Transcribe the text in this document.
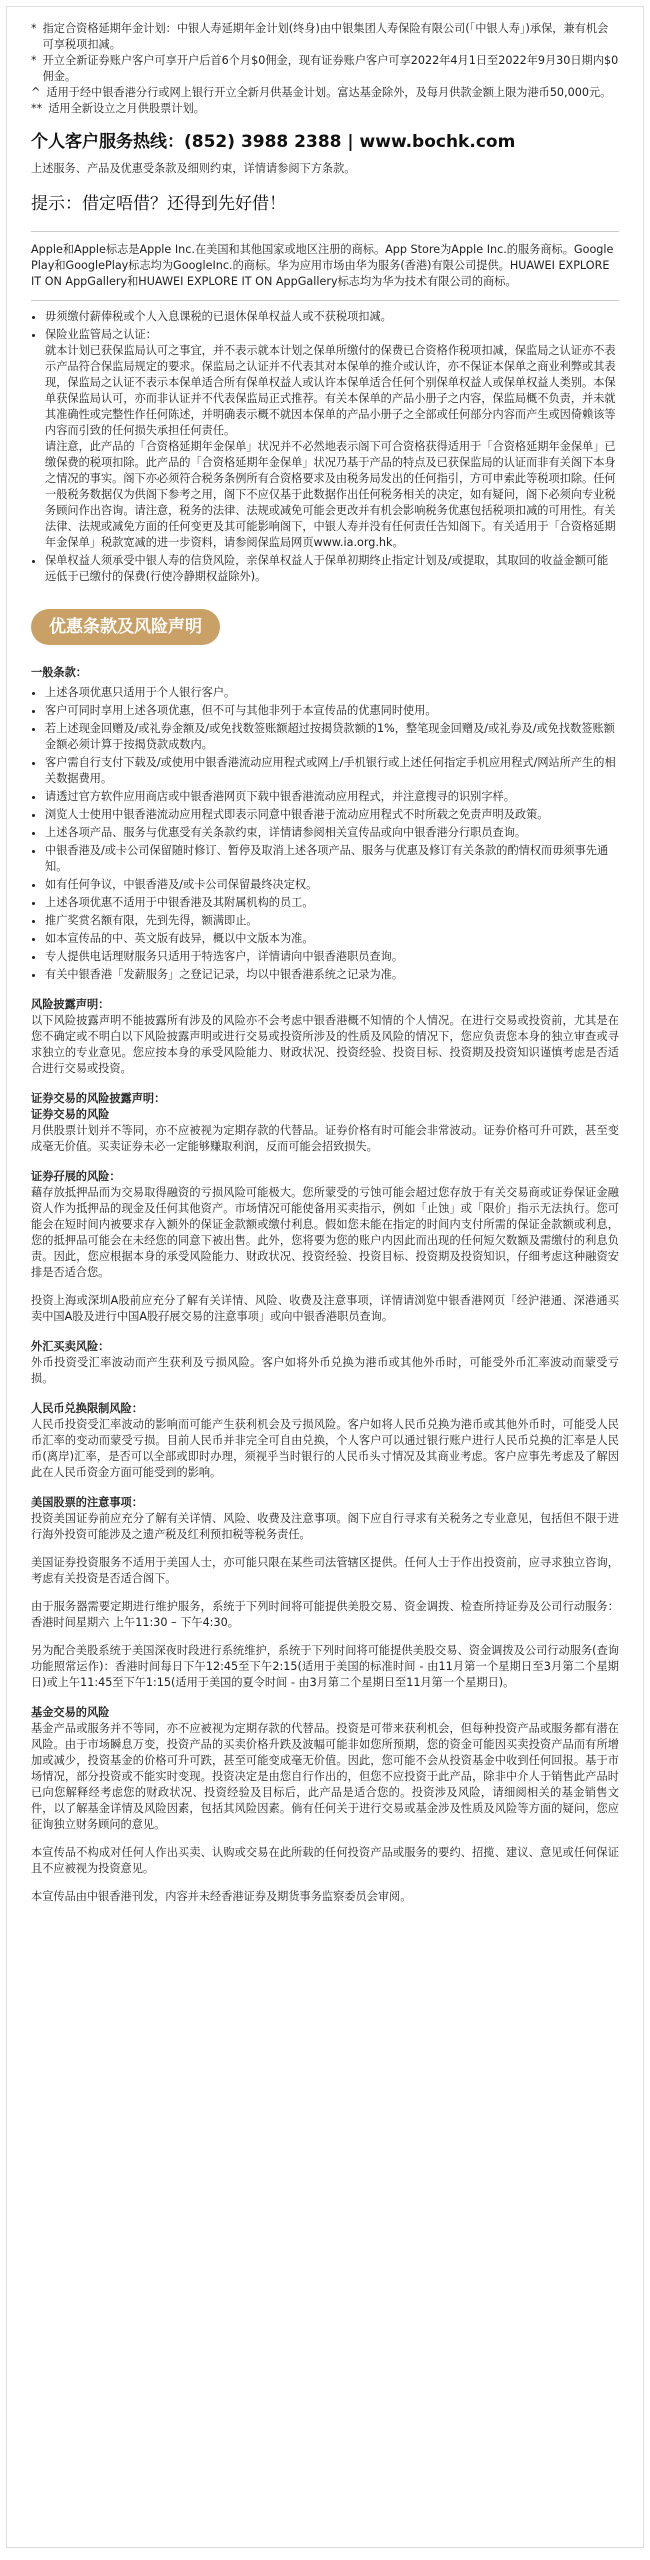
* 指定合资格延期年金计划：中银人寿延期年金计划(终身)由中银集团人寿保险有限公司(「中银人寿」)承保，兼有机会可享税项扣减。
* 开立全新证券账户客户可享开户后首6个月$0佣金，现有证券账户客户可享2022年4月1日至2022年9月30日期内$0佣金。
^ 适用于经中银香港分行或网上银行开立全新月供基金计划。富达基金除外，及每月供款金额上限为港币50,000元。
** 适用全新设立之月供股票计划。
个人客户服务热线：(852) 3988 2388 | www.bochk.com
上述服务、产品及优惠受条款及细则约束，详情请参阅下方条款。
提示：借定唔借？还得到先好借！
Apple和Apple标志是Apple Inc.在美国和其他国家或地区注册的商标。App Store为Apple Inc.的服务商标。Google Play和GooglePlay标志均为GoogleInc.的商标。华为应用市场由华为服务(香港)有限公司提供。HUAWEI EXPLORE IT ON AppGallery和HUAWEI EXPLORE IT ON AppGallery标志均为华为技术有限公司的商标。
• 毋须缴付薪俸税或个人入息课税的已退休保单权益人或不获税项扣减。
• 保险业监管局之认证：
就本计划已获保监局认可之事宜，并不表示就本计划之保单所缴付的保费已合资格作税项扣减，保监局之认证亦不表示产品符合保监局规定的要求。保监局之认证并不代表其对本保单的推介或认许，亦不保证本保单之商业利弊或其表现，保监局之认证不表示本保单适合所有保单权益人或认许本保单适合任何个别保单权益人或保单权益人类别。本保单获保监局认可，亦而非认证并不代表保监局正式推荐。有关本保单的产品小册子之内容，保监局概不负责，并未就其准确性或完整性作任何陈述，并明确表示概不就因本保单的产品小册子之全部或任何部分内容而产生或因倚赖该等内容而引致的任何损失承担任何责任。
请注意，此产品的「合资格延期年金保单」状况并不必然地表示阁下可合资格获得适用于「合资格延期年金保单」已缴保费的税项扣除。此产品的「合资格延期年金保单」状况乃基于产品的特点及已获保监局的认证而非有关阁下本身之情况的事实。阁下亦必须符合税务条例所有合资格要求及由税务局发出的任何指引，方可申索此等税项扣除。任何一般税务数据仅为供阁下参考之用，阁下不应仅基于此数据作出任何税务相关的决定，如有疑问，阁下必须向专业税务顾问作出咨询。请注意，税务的法律、法规或减免可能会更改并有机会影响税务优惠包括税项扣减的可用性。有关法律、法规或减免方面的任何变更及其可能影响阁下，中银人寿并没有任何责任告知阁下。有关适用于「合资格延期年金保单」税款宽减的进一步资料，请参阅保监局网页www.ia.org.hk。
• 保单权益人须承受中银人寿的信贷风险，亲保单权益人于保单初期终止指定计划及/或提取，其取回的收益金额可能远低于已缴付的保费(行使冷静期权益除外)。
优惠条款及风险声明
一般条款：
• 上述各项优惠只适用于个人银行客户。
• 客户可同时享用上述各项优惠，但不可与其他非列于本宣传品的优惠同时使用。
• 若上述现金回赠及/或礼券金额及/或免找数签账额超过按揭贷款额的1%，整笔现金回赠及/或礼券及/或免找数签账额金额必须计算于按揭贷款成数内。
• 客户需自行支付下载及/或使用中银香港流动应用程式或网上/手机银行或上述任何指定手机应用程式/网站所产生的相关数据费用。
• 请透过官方软件应用商店或中银香港网页下载中银香港流动应用程式，并注意搜寻的识别字样。
• 浏览人士使用中银香港流动应用程式即表示同意中银香港于流动应用程式不时所载之免责声明及政策。
• 上述各项产品、服务与优惠受有关条款约束，详情请参阅相关宣传品或向中银香港分行职员查询。
• 中银香港及/或卡公司保留随时修订、暂停及取消上述各项产品、服务与优惠及修订有关条款的酌情权而毋须事先通知。
• 如有任何争议，中银香港及/或卡公司保留最终决定权。
• 上述各项优惠不适用于中银香港及其附属机构的员工。
• 推广奖赏名额有限，先到先得，额满即止。
• 如本宣传品的中、英文版有歧异，概以中文版本为准。
• 专人提供电话理财服务只适用于特选客户，详情请向中银香港职员查询。
• 有关中银香港「发薪服务」之登记记录，均以中银香港系统之记录为准。
风险披露声明：
以下风险披露声明不能披露所有涉及的风险亦不会考虑中银香港概不知情的个人情况。在进行交易或投资前，尤其是在您不确定或不明白以下风险披露声明或进行交易或投资所涉及的性质及风险的情况下，您应负责您本身的独立审查或寻求独立的专业意见。您应按本身的承受风险能力、财政状况、投资经验、投资目标、投资期及投资知识谨慎考虑是否适合进行交易或投资。
证券交易的风险披露声明：
证券交易的风险
月供股票计划并不等同，亦不应被视为定期存款的代替品。证券价格有时可能会非常波动。证券价格可升可跌，甚至变成毫无价值。买卖证券未必一定能够赚取利润，反而可能会招致损失。
证券孖展的风险：
藉存放抵押品而为交易取得融资的亏损风险可能极大。您所蒙受的亏蚀可能会超过您存放于有关交易商或证券保证金融资人作为抵押品的现金及任何其他资产。市场情况可能使备用买卖指示，例如「止蚀」或「限价」指示无法执行。您可能会在短时间内被要求存入额外的保证金款额或缴付利息。假如您未能在指定的时间内支付所需的保证金款额或利息，您的抵押品可能会在未经您的同意下被出售。此外，您将要为您的账户内因此而出现的任何短欠数额及需缴付的利息负责。因此，您应根据本身的承受风险能力、财政状况、投资经验、投资目标、投资期及投资知识，仔细考虑这种融资安排是否适合您。
投资上海或深圳A股前应充分了解有关详情、风险、收费及注意事项，详情请浏览中银香港网页「经沪港通、深港通买卖中国A股及进行中国A股孖展交易的注意事项」或向中银香港职员查询。
外汇买卖风险：
外币投资受汇率波动而产生获利及亏损风险。客户如将外币兑换为港币或其他外币时，可能受外币汇率波动而蒙受亏损。
人民币兑换限制风险：
人民币投资受汇率波动的影响而可能产生获利机会及亏损风险。客户如将人民币兑换为港币或其他外币时，可能受人民币汇率的变动而蒙受亏损。目前人民币并非完全可自由兑换，个人客户可以通过银行账户进行人民币兑换的汇率是人民币(离岸)汇率，是否可以全部或即时办理，须视乎当时银行的人民币头寸情况及其商业考虑。客户应事先考虑及了解因此在人民币资金方面可能受到的影响。
美国股票的注意事项：
投资美国证券前应充分了解有关详情、风险、收费及注意事项。阁下应自行寻求有关税务之专业意见，包括但不限于进行海外投资可能涉及之遗产税及红利预扣税等税务责任。
美国证券投资服务不适用于美国人士，亦可能只限在某些司法管辖区提供。任何人士于作出投资前，应寻求独立咨询，考虑有关投资是否适合阁下。
由于服务器需要定期进行维护服务，系统于下列时间将可能提供美股交易、资金调拨、检查所持证券及公司行动服务：香港时间星期六 上午11:30 – 下午4:30。
另为配合美股系统于美国深夜时段进行系统维护，系统于下列时间将可能提供美股交易、资金调拨及公司行动服务(查询功能照常运作)：香港时间每日下午12:45至下午2:15(适用于美国的标准时间 - 由11月第一个星期日至3月第二个星期日)或上午11:45至下午1:15(适用于美国的夏令时间 - 由3月第二个星期日至11月第一个星期日)。
基金交易的风险
基金产品或服务并不等同，亦不应被视为定期存款的代替品。投资是可带来获利机会，但每种投资产品或服务都有潜在风险。由于市场瞬息万变，投资产品的买卖价格升跌及波幅可能非如您所预期，您的资金可能因买卖投资产品而有所增加或减少，投资基金的价格可升可跌，甚至可能变成毫无价值。因此，您可能不会从投资基金中收到任何回报。基于市场情况，部分投资或不能实时变现。投资决定是由您自行作出的，但您不应投资于此产品，除非中介人于销售此产品时已向您解释经考虑您的财政状况、投资经验及目标后，此产品是适合您的。投资涉及风险，请细阅相关的基金销售文件，以了解基金详情及风险因素，包括其风险因素。倘有任何关于进行交易或基金涉及性质及风险等方面的疑问，您应征询独立财务顾问的意见。
本宣传品不构成对任何人作出买卖、认购或交易在此所载的任何投资产品或服务的要约、招揽、建议、意见或任何保证且不应被视为投资意见。
本宣传品由中银香港刊发，内容并未经香港证券及期货事务监察委员会审阅。
